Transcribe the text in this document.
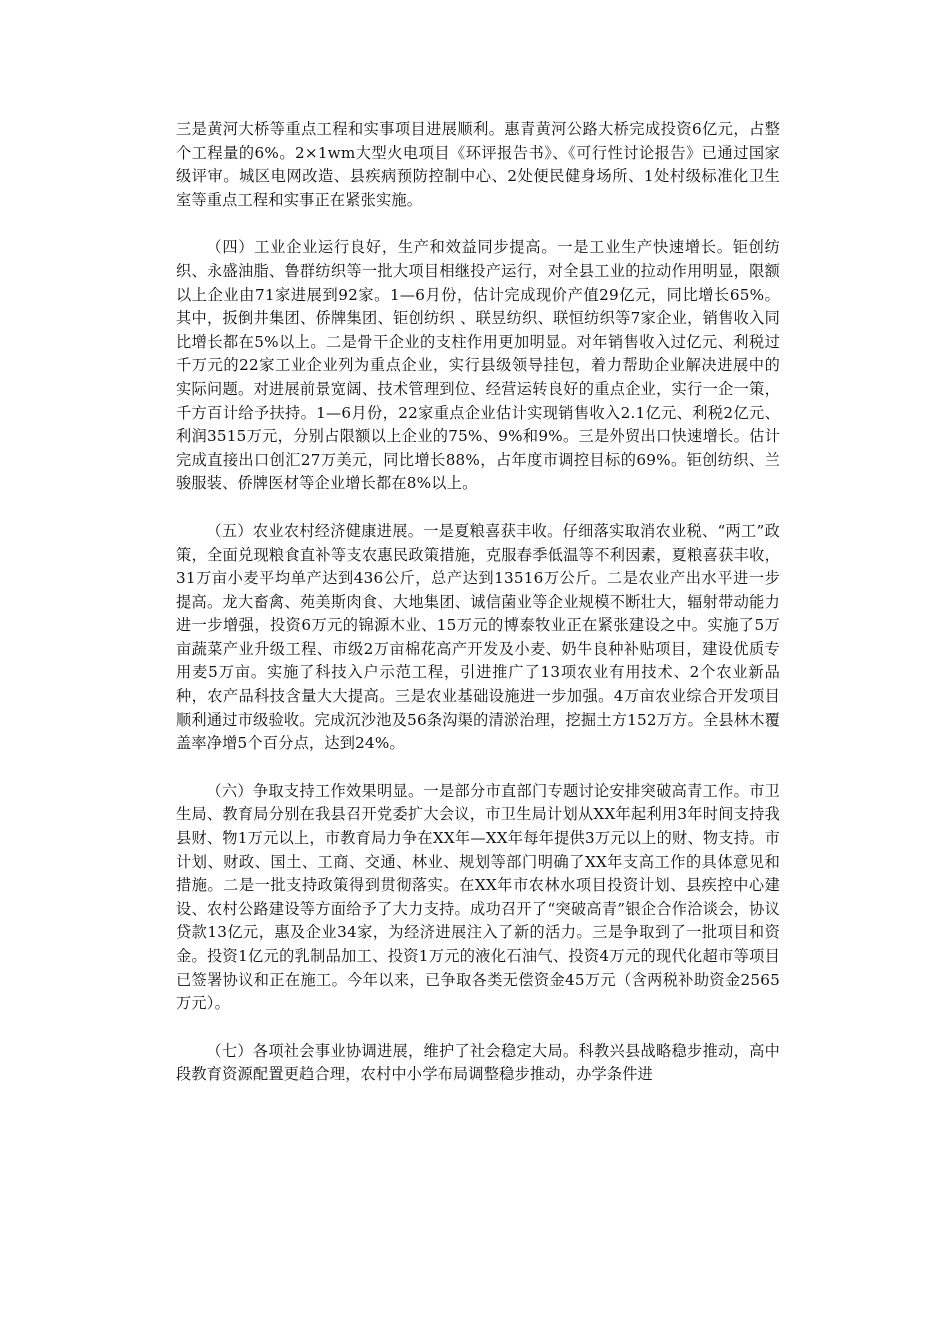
三是黄河大桥等重点工程和实事项目进展顺利。惠青黄河公路大桥完成投资6亿元，占整个工程量的6%。2×1wm大型火电项目《环评报告书》、《可行性讨论报告》已通过国家级评审。城区电网改造、县疾病预防控制中心、2处便民健身场所、1处村级标准化卫生室等重点工程和实事正在紧张实施。

（四）工业企业运行良好，生产和效益同步提高。一是工业生产快速增长。钜创纺织、永盛油脂、鲁群纺织等一批大项目相继投产运行，对全县工业的拉动作用明显，限额以上企业由71家进展到92家。1—6月份，估计完成现价产值29亿元，同比增长65%。其中，扳倒井集团、侨牌集团、钜创纺织 、联昱纺织、联恒纺织等7家企业，销售收入同比增长都在5%以上。二是骨干企业的支柱作用更加明显。对年销售收入过亿元、利税过千万元的22家工业企业列为重点企业，实行县级领导挂包，着力帮助企业解决进展中的实际问题。对进展前景宽阔、技术管理到位、经营运转良好的重点企业，实行一企一策，千方百计给予扶持。1—6月份，22家重点企业估计实现销售收入2.1亿元、利税2亿元、利润3515万元，分别占限额以上企业的75%、9%和9%。三是外贸出口快速增长。估计完成直接出口创汇27万美元，同比增长88%，占年度市调控目标的69%。钜创纺织、兰骏服装、侨牌医材等企业增长都在8%以上。

（五）农业农村经济健康进展。一是夏粮喜获丰收。仔细落实取消农业税、“两工”政策，全面兑现粮食直补等支农惠民政策措施，克服春季低温等不利因素，夏粮喜获丰收，31万亩小麦平均单产达到436公斤，总产达到13516万公斤。二是农业产出水平进一步提高。龙大畜禽、苑美斯肉食、大地集团、诚信菌业等企业规模不断壮大，辐射带动能力进一步增强，投资6万元的锦源木业、15万元的博泰牧业正在紧张建设之中。实施了5万亩蔬菜产业升级工程、市级2万亩棉花高产开发及小麦、奶牛良种补贴项目，建设优质专用麦5万亩。实施了科技入户示范工程，引进推广了13项农业有用技术、2个农业新品种，农产品科技含量大大提高。三是农业基础设施进一步加强。4万亩农业综合开发项目顺利通过市级验收。完成沉沙池及56条沟渠的清淤治理，挖掘土方152万方。全县林木覆盖率净增5个百分点，达到24%。

（六）争取支持工作效果明显。一是部分市直部门专题讨论安排突破高青工作。市卫生局、教育局分别在我县召开党委扩大会议，市卫生局计划从XX年起利用3年时间支持我县财、物1万元以上，市教育局力争在XX年—XX年每年提供3万元以上的财、物支持。市计划、财政、国土、工商、交通、林业、规划等部门明确了XX年支高工作的具体意见和措施。二是一批支持政策得到贯彻落实。在XX年市农林水项目投资计划、县疾控中心建设、农村公路建设等方面给予了大力支持。成功召开了“突破高青”银企合作洽谈会，协议贷款13亿元，惠及企业34家，为经济进展注入了新的活力。三是争取到了一批项目和资金。投资1亿元的乳制品加工、投资1万元的液化石油气、投资4万元的现代化超市等项目已签署协议和正在施工。今年以来，已争取各类无偿资金45万元（含两税补助资金2565万元）。

（七）各项社会事业协调进展，维护了社会稳定大局。科教兴县战略稳步推动，高中段教育资源配置更趋合理，农村中小学布局调整稳步推动，办学条件进
